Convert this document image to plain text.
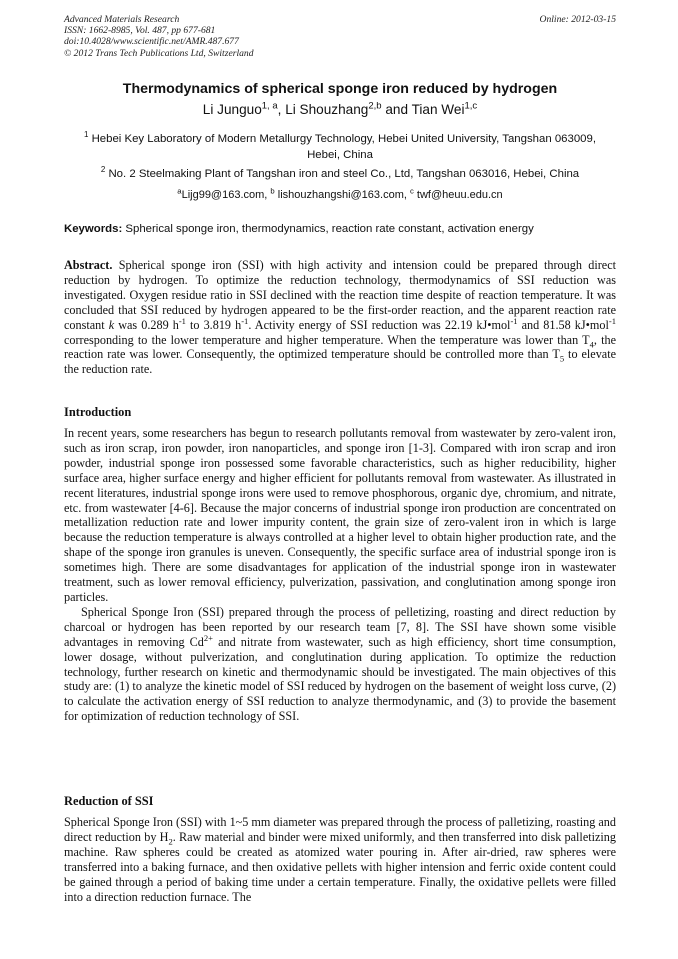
Advanced Materials Research
ISSN: 1662-8985, Vol. 487, pp 677-681
doi:10.4028/www.scientific.net/AMR.487.677
© 2012 Trans Tech Publications Ltd, Switzerland
Online: 2012-03-15
Thermodynamics of spherical sponge iron reduced by hydrogen
Li Junguo$^{1, a}$, Li Shouzhang$^{2,b}$ and Tian Wei$^{1,c}$
$^1$ Hebei Key Laboratory of Modern Metallurgy Technology, Hebei United University, Tangshan 063009, Hebei, China
$^2$ No. 2 Steelmaking Plant of Tangshan iron and steel Co., Ltd, Tangshan 063016, Hebei, China
$^a$Lijg99@163.com, $^b$ lishouzhangshi@163.com, $^c$ twf@heuu.edu.cn
Keywords: Spherical sponge iron, thermodynamics, reaction rate constant, activation energy
Abstract. Spherical sponge iron (SSI) with high activity and intension could be prepared through direct reduction by hydrogen. To optimize the reduction technology, thermodynamics of SSI reduction was investigated. Oxygen residue ratio in SSI declined with the reaction time despite of reaction temperature. It was concluded that SSI reduced by hydrogen appeared to be the first-order reaction, and the apparent reaction rate constant k was 0.289 $h^{-1}$ to 3.819 $h^{-1}$. Activity energy of SSI reduction was 22.19 kJ•mol$^{-1}$ and 81.58 kJ•mol$^{-1}$ corresponding to the lower temperature and higher temperature. When the temperature was lower than $T_4$, the reaction rate was lower. Consequently, the optimized temperature should be controlled more than $T_5$ to elevate the reduction rate.
Introduction

In recent years, some researchers has begun to research pollutants removal from wastewater by zero-valent iron, such as iron scrap, iron powder, iron nanoparticles, and sponge iron [1-3]. Compared with iron scrap and iron powder, industrial sponge iron possessed some favorable characteristics, such as higher reducibility, higher surface area, higher surface energy and higher efficient for pollutants removal from wastewater. As illustrated in recent literatures, industrial sponge irons were used to remove phosphorous, organic dye, chromium, and nitrate, etc. from wastewater [4-6]. Because the major concerns of industrial sponge iron production are concentrated on metallization reduction rate and lower impurity content, the grain size of zero-valent iron in which is large because the reduction temperature is always controlled at a higher level to obtain higher production rate, and the shape of the sponge iron granules is uneven. Consequently, the specific surface area of industrial sponge iron is sometimes high. There are some disadvantages for application of the industrial sponge iron in wastewater treatment, such as lower removal efficiency, pulverization, passivation, and conglutination among sponge iron particles.

Spherical Sponge Iron (SSI) prepared through the process of pelletizing, roasting and direct reduction by charcoal or hydrogen has been reported by our research team [7, 8]. The SSI have shown some visible advantages in removing $Cd^{2+}$ and nitrate from wastewater, such as high efficiency, short time consumption, lower dosage, without pulverization, and conglutination during application. To optimize the reduction technology, further research on kinetic and thermodynamic should be investigated. The main objectives of this study are: (1) to analyze the kinetic model of SSI reduced by hydrogen on the basement of weight loss curve, (2) to calculate the activation energy of SSI reduction to analyze thermodynamic, and (3) to provide the basement for optimization of reduction technology of SSI.

Reduction of SSI
Spherical Sponge Iron (SSI) with 1~5 mm diameter was prepared through the process of palletizing, roasting and direct reduction by $H_2$. Raw material and binder were mixed uniformly, and then transferred into disk palletizing machine. Raw spheres could be created as atomized water pouring in. After air-dried, raw spheres were transferred into a baking furnace, and then oxidative pellets with higher intension and ferric oxide content could be gained through a period of baking time under a certain temperature. Finally, the oxidative pellets were filled into a direction reduction furnace. The
